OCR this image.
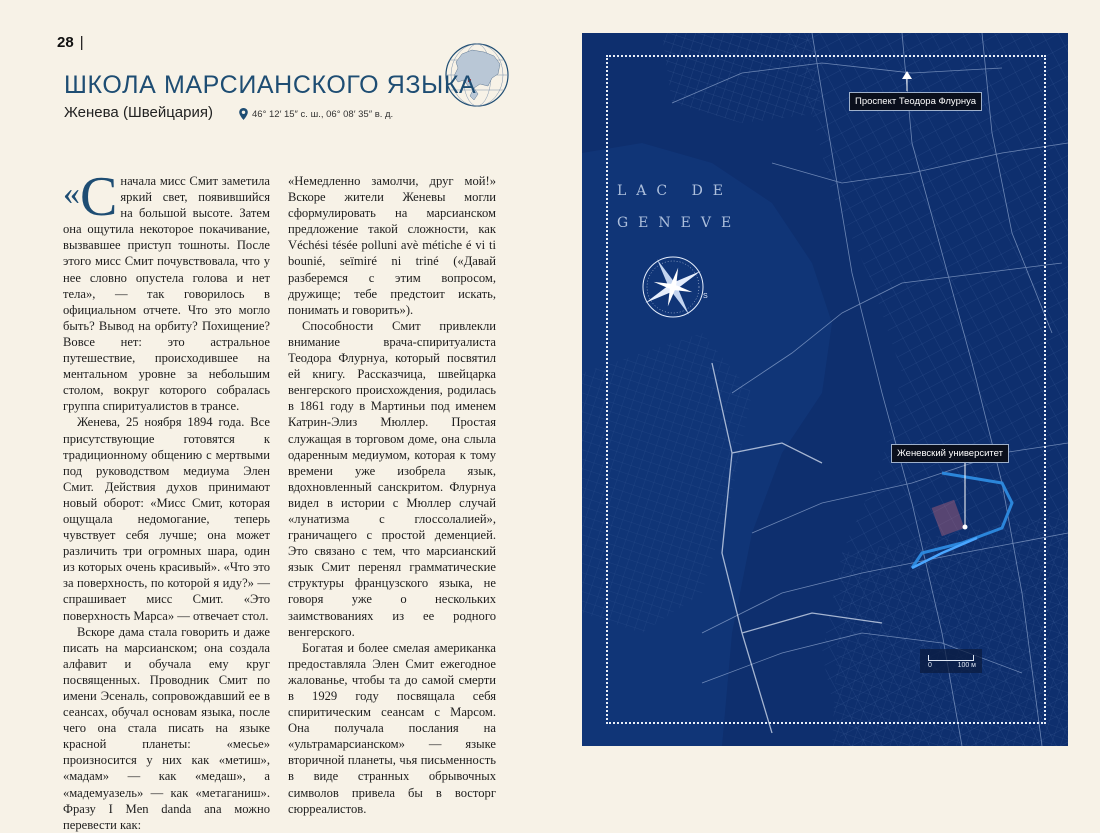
28 |
ШКОЛА МАРСИАНСКОГО ЯЗЫКА
Женева (Швейцария)	46° 12′ 15″ с. ш., 06° 08′ 35″ в. д.
« С начала мисс Смит заметила яркий свет, появившийся на большой высоте. Затем она ощутила некоторое покачивание, вызвавшее приступ тошноты. После этого мисс Смит почувствовала, что у нее словно опустела голова и нет тела», — так говорилось в официальном отчете. Что это могло быть? Вывод на орбиту? Похищение? Вовсе нет: это астральное путешествие, происходившее на ментальном уровне за небольшим столом, вокруг которого собралась группа спиритуалистов в трансе.

Женева, 25 ноября 1894 года. Все присутствующие готовятся к традиционному общению с мертвыми под руководством медиума Элен Смит. Действия духов принимают новый оборот: «Мисс Смит, которая ощущала недомогание, теперь чувствует себя лучше; она может различить три огромных шара, один из которых очень красивый». «Что это за поверхность, по которой я иду?» — спрашивает мисс Смит. «Это поверхность Марса» — отвечает стол.

Вскоре дама стала говорить и даже писать на марсианском; она создала алфавит и обучала ему круг посвященных. Проводник Смит по имени Эсеналь, сопровождавший ее в сеансах, обучал основам языка, после чего она стала писать на языке красной планеты: «месье» произносится у них как «метиш», «мадам» — как «медаш», а «мадемуазель» — как «метаганиш». Фразу I Men danda ana можно перевести как:

«Немедленно замолчи, друг мой!» Вскоре жители Женевы могли сформулировать на марсианском предложение такой сложности, как Véchési tésée polluni avè métiche é vi ti bounié, seïmiré ni triné («Давай разберемся с этим вопросом, дружище; тебе предстоит искать, понимать и говорить»).

Способности Смит привлекли внимание врача-спиритуалиста Теодора Флурнуа, который посвятил ей книгу. Рассказчица, швейцарка венгерского происхождения, родилась в 1861 году в Мартиньи под именем Катрин-Элиз Мюллер. Простая служащая в торговом доме, она слыла одаренным медиумом, которая к тому времени уже изобрела язык, вдохновленный санскритом. Флурнуа видел в истории с Мюллер случай «лунатизма с глоссолалией», граничащего с простой деменцией. Это связано с тем, что марсианский язык Смит перенял грамматические структуры французского языка, не говоря уже о нескольких заимствованиях из ее родного венгерского.

Богатая и более смелая американка предоставляла Элен Смит ежегодное жалованье, чтобы та до самой смерти в 1929 году посвящала себя спиритическим сеансам с Марсом. Она получала послания на «ультрамарсианском» — языке вторичной планеты, чья письменность в виде странных обрывочных символов привела бы в восторг сюрреалистов.

S
LAC DE
GENEVE
Проспект Теодора Флурнуа
Женевский университет
0	100 м
